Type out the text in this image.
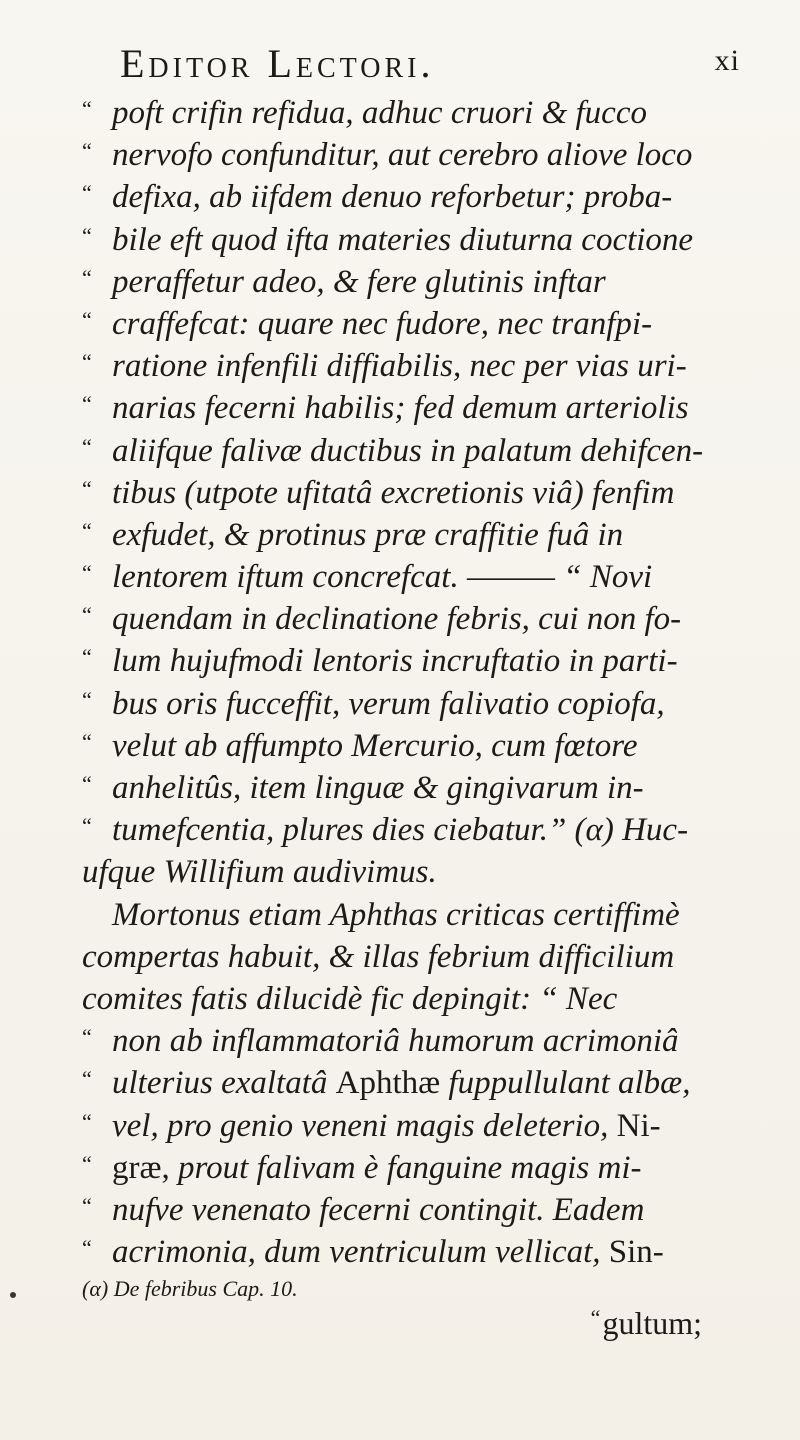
Editor Lectori.	xi
“ poft crifin refidua, adhuc cruori & fucco
“ nervofo confunditur, aut cerebro aliove loco
“ defixa, ab iifdem denuo reforbetur; proba-
“ bile eft quod ifta materies diuturna coctione
“ peraffetur adeo, & fere glutinis inftar
“ craffefcat: quare nec fudore, nec tranfpi-
“ ratione infenfili diffiabilis, nec per vias uri-
“ narias fecerni habilis; fed demum arteriolis
“ aliifque falivæ ductibus in palatum dehifcen-
“ tibus (utpote ufitatâ excretionis viâ) fenfim
“ exfudet, & protinus præ craffitie fuâ in
“ lentorem iftum concrefcat. ——— “ Novi
“ quendam in declinatione febris, cui non fo-
“ lum hujufmodi lentoris incruftatio in parti-
“ bus oris fucceffit, verum falivatio copiofa,
“ velut ab affumpto Mercurio, cum fœtore
“ anhelitûs, item linguæ & gingivarum in-
“ tumefcentia, plures dies ciebatur.” (α) Huc-
ufque Willifium audivimus.
Mortonus etiam Aphthas criticas certiffimè
compertas habuit, & illas febrium difficilium
comites fatis dilucidè fic depingit: “ Nec
“ non ab inflammatoriâ humorum acrimoniâ
“ ulterius exaltatâ Aphthæ fuppullulant albæ,
“ vel, pro genio veneni magis deleterio, Ni-
“ græ, prout falivam è fanguine magis mi-
“ nufve venenato fecerni contingit. Eadem
“ acrimonia, dum ventriculum vellicat, Sin-
(α) De febribus Cap. 10.
“gultum;
